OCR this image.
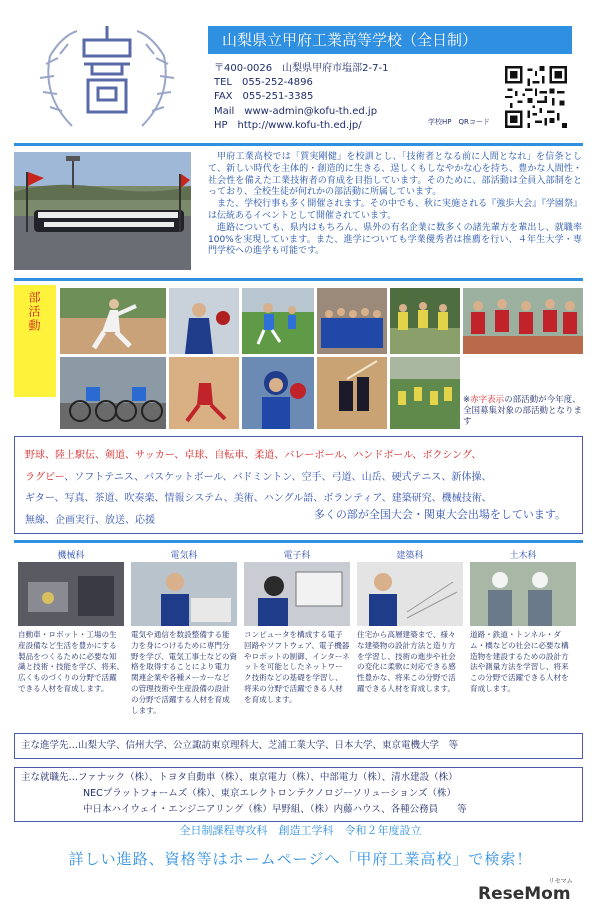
山梨県立甲府工業高等学校（全日制）
〒400-0026　山梨県甲府市塩部2-7-1
TEL　055-252-4896
FAX　055-251-3385
Mail　www-admin@kofu-th.ed.jp
HP　http://www.kofu-th.ed.jp/	学校HP　QRコード

甲府工業高校では「質実剛健」を校訓とし、「技術者となる前に人間となれ」を信条として、新しい時代を主体的・創造的に生きる、逞しくもしなやかな心を持ち、豊かな人間性・社会性を備えた工業技術者の育成を目指しています。そのために、部活動は全員入部制をとっており、全校生徒が何れかの部活動に所属しています。

また、学校行事も多く開催されます。その中でも、秋に実施される『強歩大会』『学園祭』は伝統あるイベントとして開催されています。

進路についても、県内はもちろん、県外の有名企業に数多くの諸先輩方を輩出し、就職率100%を実現しています。また、進学についても学業優秀者は推薦を行い、４年生大学・専門学校への進学も可能です。

部活動
※赤字表示の部活動が今年度、全国募集対象の部活動となります
野球、陸上駅伝、剣道、サッカー、卓球、自転車、柔道、バレーボール、ハンドボール、ボクシング、
ラグビー、ソフトテニス、バスケットボール、バドミントン、空手、弓道、山岳、硬式テニス、新体操、
ギター、写真、茶道、吹奏楽、情報システム、美術、ハングル語、ボランティア、建築研究、機械技術、
無線、企画実行、放送、応援	多くの部が全国大会・関東大会出場をしています。
機械科
自動車・ロボット・工場の生産設備など生活を豊かにする製品をつくるために必要な知識と技術・技能を学び、将来、広くものづくりの分野で活躍できる人材を育成します。
電気科
電気や通信を数設整備する能力を身につけるために専門分野を学び、電気工事士などの資格を取得することにより電力関連企業や各種メーカーなどの管理技術や生産設備の設計の分野で活躍する人材を育成します。
電子科
コンピュータを構成する電子回路やソフトウェア、電子機器やロボットの制御、インターネットを可能としたネットワーク技術などの基礎を学習し、将来の分野で活躍できる人材を育成します。
建築科
住宅から高層建築まで、様々な建築物の設計方法と造り方を学習し、技術の進歩や社会の変化に柔軟に対応できる感性豊かな、将来この分野で活躍できる人材を育成します。
土木科
道路・鉄道・トンネル・ダム・橋などの社会に必要な構造物を建設するための設計方法や測量方法を学習し、将来この分野で活躍できる人材を育成します。
主な進学先…山梨大学、信州大学、公立諏訪東京理科大、芝浦工業大学、日本大学、東京電機大学　等
主な就職先…ファナック（株）、トヨタ自動車（株）、東京電力（株）、中部電力（株）、清水建設（株）
NECプラットフォームズ（株）、東京エレクトロンテクノロジーソリューションズ（株）
中日本ハイウェイ・エンジニアリング（株）早野組、（株）内藤ハウス、各種公務員　　等
全日制課程専攻科　創造工学科　令和２年度設立
詳しい進路、資格等はホームページへ「甲府工業高校」で検索！
ReseMom
リセマム
